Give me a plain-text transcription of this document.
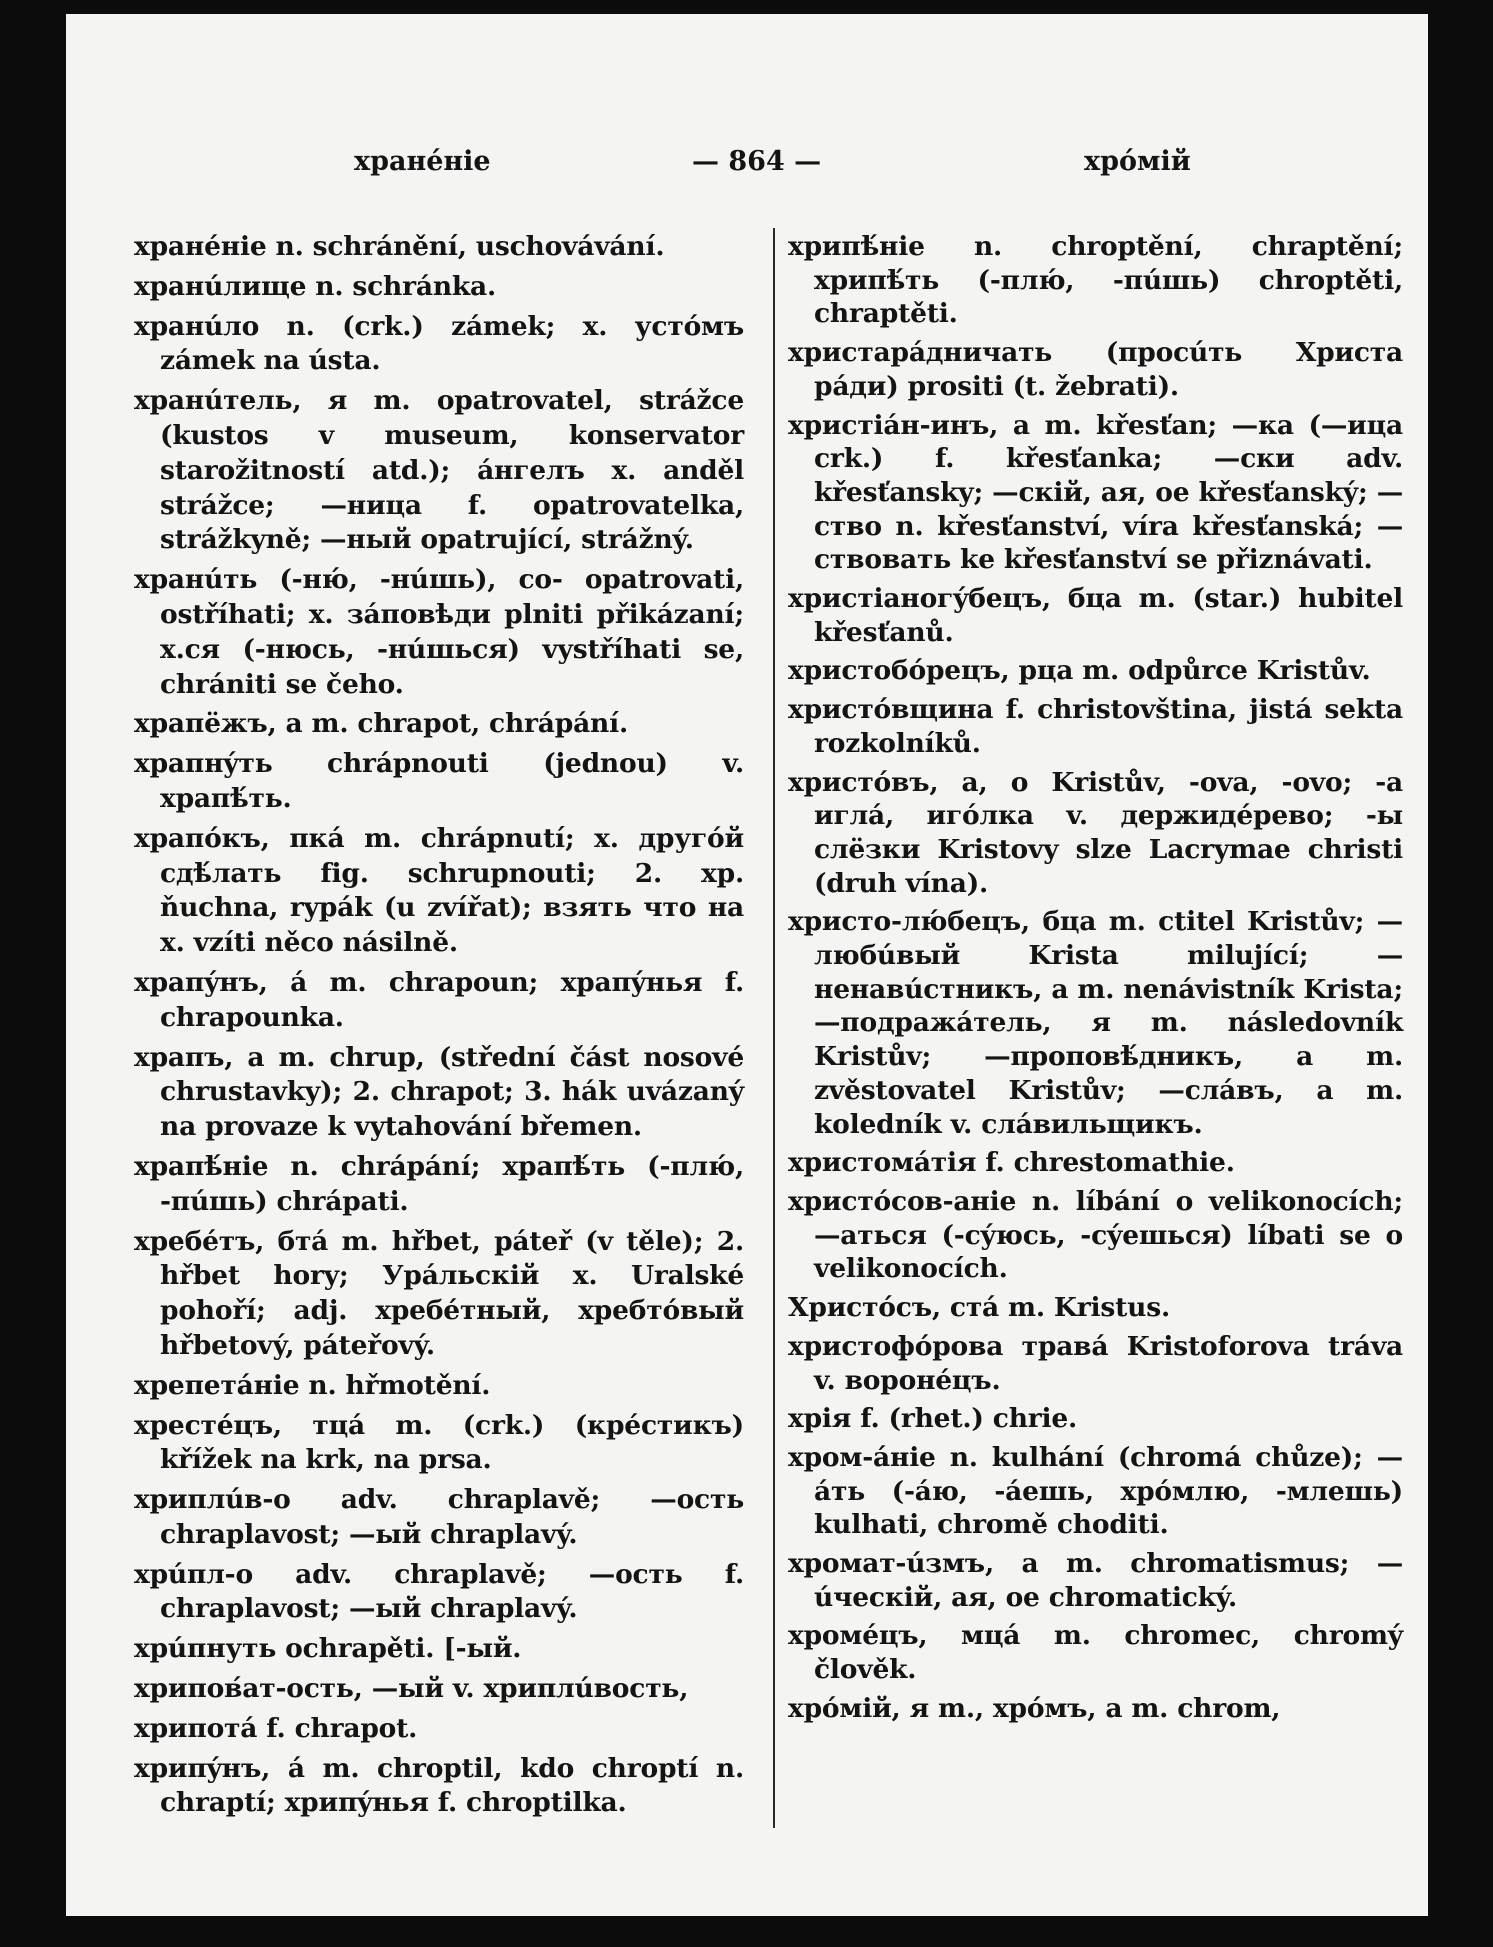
хранéніе	— 864 —	хрóмій

хранéніе n. schránění, uschovávání.

хранúлище n. schránka.

хранúло n. (crk.) zámek; x. устóмъ zámek na ústa.

хранúтель, я m. opatrovatel, strážce (kustos v museum, konservator starožitností atd.); áнгелъ x. anděl strážce; —ница f. opatrovatelka, strážkyně; —ный opatrující, strážný.

хранúть (-ню́, -нúшь), co- opatrovati, ostříhati; x. зáповѣди plniti přikázaní; x.ся (-нюсь, -нúшься) vystříhati se, chrániti se čeho.

храпёжъ, а m. chrapot, chrápání.

храпнýть chrápnouti (jednou) v. храпѣ́ть.

храпóкъ, пкá m. chrápnutí; x. другóй сдѣ́лать fig. schrupnouti; 2. xp. ňuchna, rypák (u zvířat); взять что на x. vzíti něco násilně.

храпýнъ, á m. chrapoun; храпýнья f. chrapounka.

храпъ, а m. chrup, (střední část nosové chrustavky); 2. chrapot; 3. hák uvázaný na provaze k vytahování břemen.

храпѣ́ніе n. chrápání; храпѣ́ть (-плю́, -пúшь) chrápati.

хребéтъ, бтá m. hřbet, páteř (v těle); 2. hřbet hory; Урáльскій x. Uralské pohoří; adj. хребéтный, хребтóвый hřbetový, páteřový.

хрепетáніе n. hřmotění.

хрестéцъ, тцá m. (crk.) (крéстикъ) křížek na krk, na prsa.

хриплúв-о adv. chraplavě; —ость chraplavost; —ый chraplavý.

хрúпл-о adv. chraplavě; —ость f. chraplavost; —ый chraplavý.

хрúпнуть ochrapěti. [-ый.

хрипов́ат-ость, —ый v. хриплúвость,

хрипотá f. chrapot.

хрипýнъ, á m. chroptil, kdo chroptí n. chraptí; хрипýнья f. chroptilka.

хрипѣ́ніе n. chroptění, chraptění; хрипѣ́ть (-плю́, -пúшь) chroptěti, chraptěti.

христарáдничать (просúть Христа рáди) prositi (t. žebrati).

христіáн-инъ, а m. křesťan; —ка (—ица crk.) f. křesťanka; —ски adv. křesťansky; —скій, ая, ое křesťanský; —ство n. křesťanství, víra křesťanská; —ствовать ke křesťanství se přiznávati.

христіаногýбецъ, бца m. (star.) hubitel křesťanů.

христобóрецъ, рца m. odpůrce Kristův.

христóвщина f. christovština, jistá sekta rozkolníků.

христóвъ, а, о Kristův, -ova, -ovo; -а иглá, игóлка v. держидéрево; -ы слёзки Kristovy slze Lacrymae christi (druh vína).

христо-лю́бецъ, бца m. ctitel Kristův; —любúвый Krista milující; —ненавúстникъ, а m. nenávistník Krista; —подражáтель, я m. následovník Kristův; —проповѣ́дникъ, а m. zvěstovatel Kristův; —слáвъ, а m. koledník v. слáвильщикъ.

христомáтія f. chrestomathie.

христóсов-аніе n. líbání o velikonocích; —аться (-сýюсь, -сýешься) líbati se o velikonocích.

Христóсъ, стá m. Kristus.

христофóрова травá Kristoforova tráva v. воронéцъ.

хрія f. (rhet.) chrie.

хром-áніе n. kulhání (chromá chůze); —áть (-áю, -áешь, хрóмлю, -млешь) kulhati, chromě choditi.

хромат-úзмъ, а m. chromatismus; —úческій, ая, ое chromatický.

хромéцъ, мцá m. chromec, chromý člověk.

хрóмій, я m., хрóмъ, а m. chrom,
